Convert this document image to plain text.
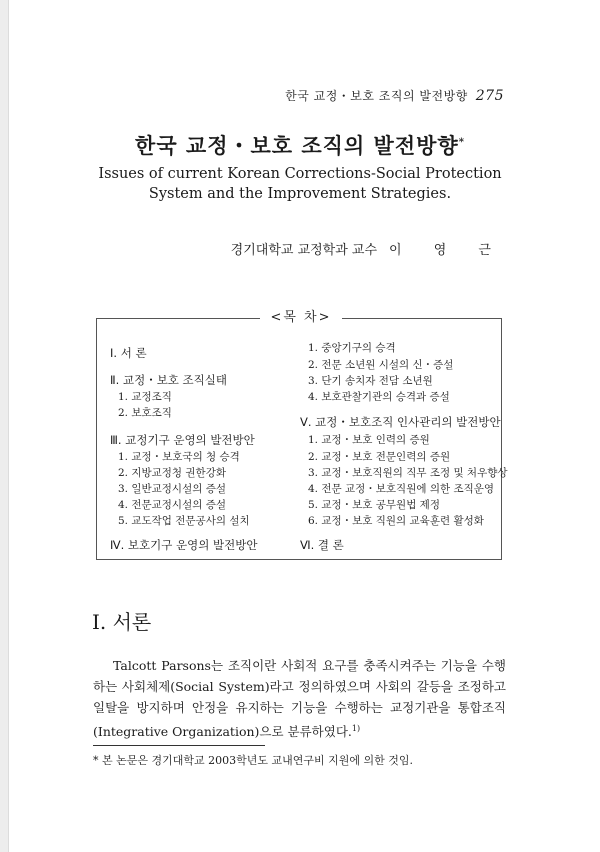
한국 교정・보호 조직의 발전방향 275
한국 교정・보호 조직의 발전방향*
Issues of current Korean Corrections-Social Protection
System and the Improvement Strategies.
경기대학교 교정학과 교수 이 영 근
<목 차>
Ⅰ. 서 론
Ⅱ. 교정・보호 조직실태
1. 교정조직
2. 보호조직
Ⅲ. 교정기구 운영의 발전방안
1. 교정・보호국의 청 승격
2. 지방교정청 권한강화
3. 일반교정시설의 증설
4. 전문교정시설의 증설
5. 교도작업 전문공사의 설치
Ⅳ. 보호기구 운영의 발전방안
1. 중앙기구의 승격
2. 전문 소년원 시설의 신・증설
3. 단기 송치자 전담 소년원
4. 보호관찰기관의 승격과 증설
Ⅴ. 교정・보호조직 인사관리의 발전방안
1. 교정・보호 인력의 증원
2. 교정・보호 전문인력의 증원
3. 교정・보호직원의 직무 조정 및 처우향상
4. 전문 교정・보호직원에 의한 조직운영
5. 교정・보호 공무원법 제정
6. 교정・보호 직원의 교육훈련 활성화
Ⅵ. 결 론
Ⅰ. 서론

Talcott Parsons는 조직이란 사회적 요구를 충족시켜주는 기능을 수행하는 사회체제(Social System)라고 정의하였으며 사회의 갈등을 조정하고 일탈을 방지하며 안정을 유지하는 기능을 수행하는 교정기관을 통합조직(Integrative Organization)으로 분류하였다.$^{1)}$

* 본 논문은 경기대학교 2003학년도 교내연구비 지원에 의한 것임.
